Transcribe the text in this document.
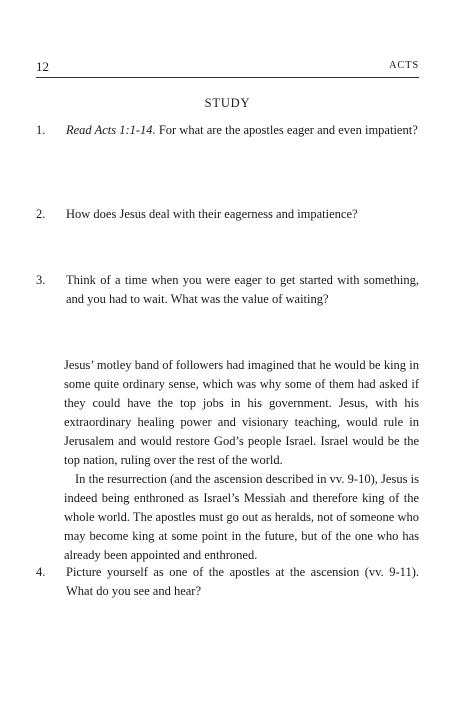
12	ACTS
STUDY
1. Read Acts 1:1-14. For what are the apostles eager and even impatient?
2. How does Jesus deal with their eagerness and impatience?
3. Think of a time when you were eager to get started with something, and you had to wait. What was the value of waiting?

Jesus’ motley band of followers had imagined that he would be king in some quite ordinary sense, which was why some of them had asked if they could have the top jobs in his government. Jesus, with his extraordinary healing power and visionary teaching, would rule in Jerusalem and would restore God’s people Israel. Israel would be the top nation, ruling over the rest of the world.

In the resurrection (and the ascension described in vv. 9-10), Jesus is indeed being enthroned as Israel’s Messiah and therefore king of the whole world. The apostles must go out as heralds, not of someone who may become king at some point in the future, but of the one who has already been appointed and enthroned.

4. Picture yourself as one of the apostles at the ascension (vv. 9-11). What do you see and hear?
